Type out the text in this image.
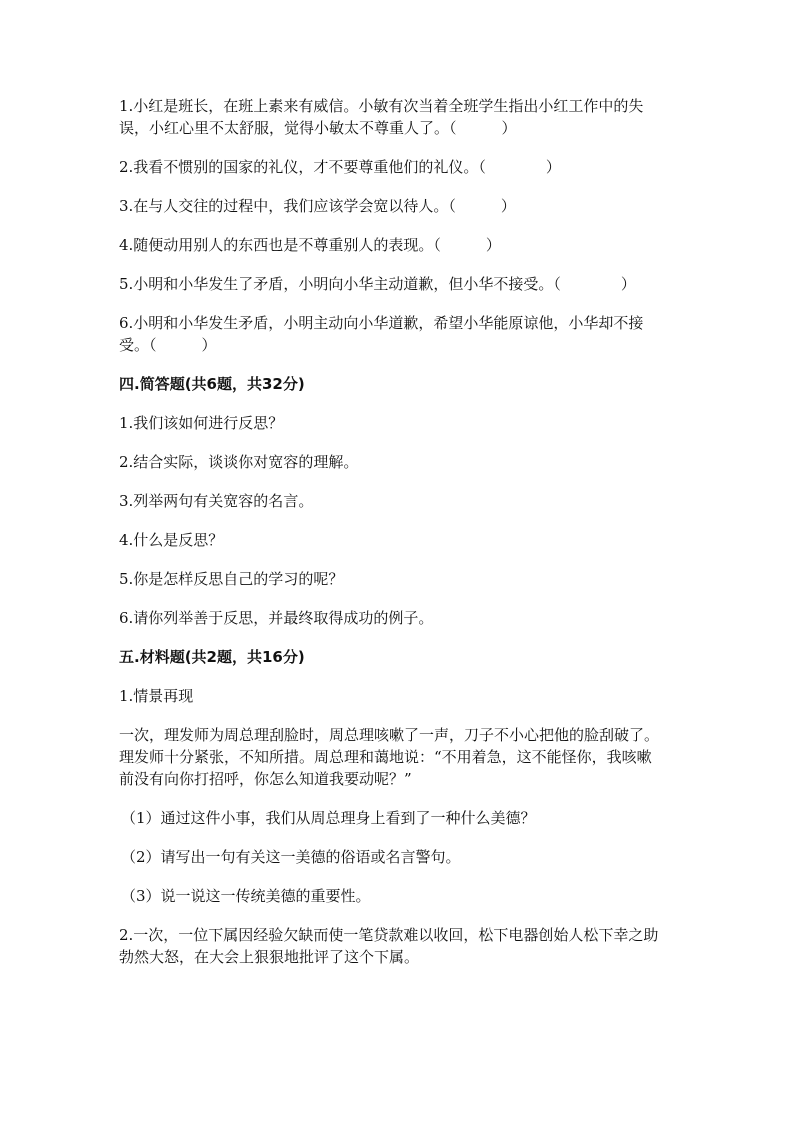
1.小红是班长，在班上素来有威信。小敏有次当着全班学生指出小红工作中的失误，小红心里不太舒服，觉得小敏太不尊重人了。（　　　）

2.我看不惯别的国家的礼仪，才不要尊重他们的礼仪。（　　　　）

3.在与人交往的过程中，我们应该学会宽以待人。（　　　）

4.随便动用别人的东西也是不尊重别人的表现。（　　　）

5.小明和小华发生了矛盾，小明向小华主动道歉，但小华不接受。（　　　　）

6.小明和小华发生矛盾，小明主动向小华道歉，希望小华能原谅他，小华却不接受。（　　　）

四.简答题(共6题，共32分)

1.我们该如何进行反思？

2.结合实际，谈谈你对宽容的理解。

3.列举两句有关宽容的名言。

4.什么是反思？

5.你是怎样反思自己的学习的呢？

6.请你列举善于反思，并最终取得成功的例子。

五.材料题(共2题，共16分)

1.情景再现

一次，理发师为周总理刮脸时，周总理咳嗽了一声，刀子不小心把他的脸刮破了。理发师十分紧张，不知所措。周总理和蔼地说：“不用着急，这不能怪你，我咳嗽前没有向你打招呼，你怎么知道我要动呢？”

（1）通过这件小事，我们从周总理身上看到了一种什么美德？

（2）请写出一句有关这一美德的俗语或名言警句。

（3）说一说这一传统美德的重要性。

2.一次，一位下属因经验欠缺而使一笔贷款难以收回，松下电器创始人松下幸之助勃然大怒，在大会上狠狠地批评了这个下属。
